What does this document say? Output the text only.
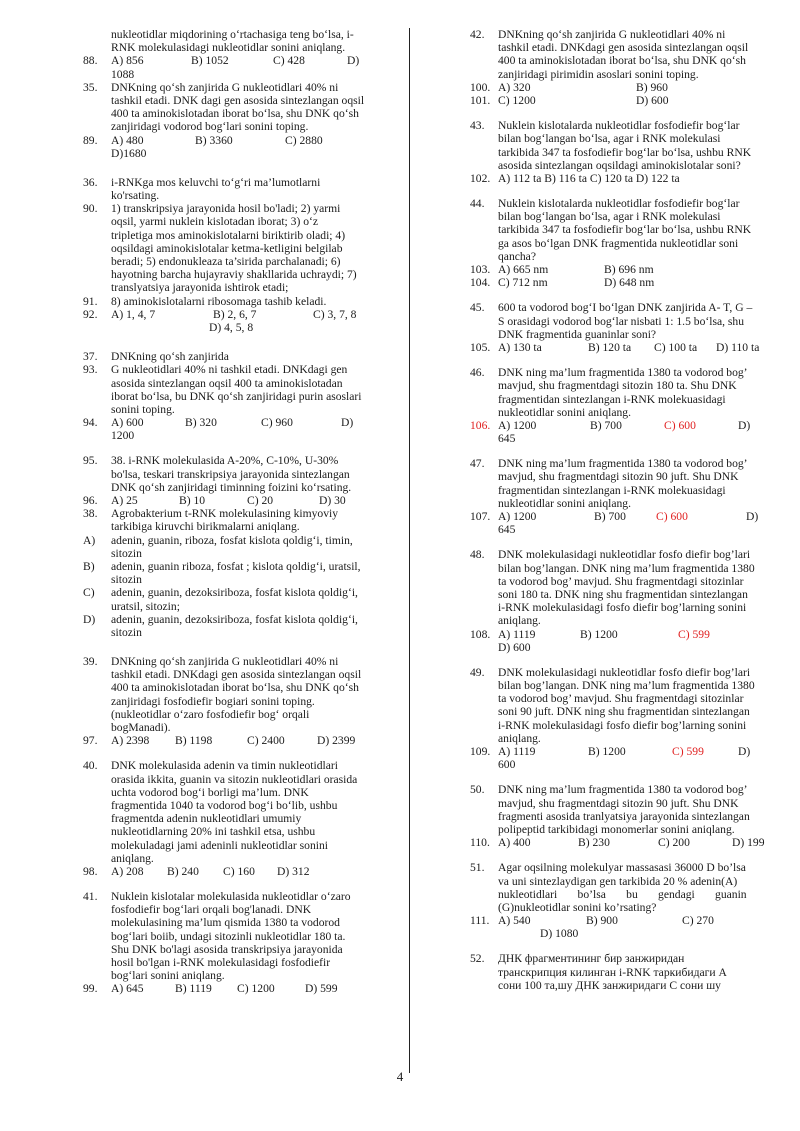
nukleotidlar miqdorining o‘rtachasiga teng bo‘lsa, i-
RNK molekulasidagi nukleotidlar sonini aniqlang.
88. A) 856	B) 1052	C) 428	D)
1088
35. DNKning qo‘sh zanjirida G nukleotidlari 40% ni
tashkil etadi. DNK dagi gen asosida sintezlangan oqsil
400 ta aminokislotadan iborat bo‘lsa, shu DNK qo‘sh
zanjiridagi vodorod bog‘lari sonini toping.
89. A) 480	B) 3360	C) 2880
D)1680
36. i-RNKga mos keluvchi to‘g‘ri ma’lumotlarni
ko'rsating.
90. 1) transkripsiya jarayonida hosil bo'ladi; 2) yarmi
oqsil, yarmi nuklein kislotadan iborat; 3) o‘z
tripletiga mos aminokislotalarni biriktirib oladi; 4)
oqsildagi aminokislotalar ketma-ketligini belgilab
beradi; 5) endonukleaza ta’sirida parchalanadi; 6)
hayotning barcha hujayraviy shakllarida uchraydi; 7)
translyatsiya jarayonida ishtirok etadi;
91. 8) aminokislotalarni ribosomaga tashib keladi.
92. A) 1, 4, 7	B) 2, 6, 7	C) 3, 7, 8
D) 4, 5, 8
37. DNKning qo‘sh zanjirida
93. G nukleotidlari 40% ni tashkil etadi. DNKdagi gen
asosida sintezlangan oqsil 400 ta aminokislotadan
iborat bo‘lsa, bu DNK qo‘sh zanjiridagi purin asoslari
sonini toping.
94. A) 600	B) 320	C) 960	D)
1200
95. 38. i-RNK molekulasida A-20%, C-10%, U-30%
bo'lsa, teskari transkripsiya jarayonida sintezlangan
DNK qo‘sh zanjiridagi timinning foizini ko‘rsating.
96. A) 25	B) 10	C) 20	D) 30
38. Agrobakterium t-RNK molekulasining kimyoviy
tarkibiga kiruvchi birikmalarni aniqlang.
A) adenin, guanin, riboza, fosfat kislota qoldig‘i, timin,
sitozin
B) adenin, guanin riboza, fosfat ; kislota qoldig‘i, uratsil,
sitozin
C) adenin, guanin, dezoksiriboza, fosfat kislota qoldig‘i,
uratsil, sitozin;
D) adenin, guanin, dezoksiriboza, fosfat kislota qoldig‘i,
sitozin
39. DNKning qo‘sh zanjirida G nukleotidlari 40% ni
tashkil etadi. DNKdagi gen asosida sintezlangan oqsil
400 ta aminokislotadan iborat bo‘lsa, shu DNK qo‘sh
zanjiridagi fosfodiefir bogiari sonini toping.
(nukleotidlar o‘zaro fosfodiefir bog‘ orqali
bogManadi).
97. A) 2398 B) 1198	C) 2400	D) 2399
40. DNK molekulasida adenin va timin nukleotidlari
orasida ikkita, guanin va sitozin nukleotidlari orasida
uchta vodorod bog‘i borligi ma’lum. DNK
fragmentida 1040 ta vodorod bog‘i bo‘lib, ushbu
fragmentda adenin nukleotidlari umumiy
nukleotidlarning 20% ini tashkil etsa, ushbu
molekuladagi jami adeninli nukleotidlar sonini
aniqlang.
98. A) 208 B) 240 C) 160 D) 312
41. Nuklein kislotalar molekulasida nukleotidlar o‘zaro
fosfodiefir bog‘lari orqali bog'lanadi. DNK
molekulasining ma’lum qismida 1380 ta vodorod
bog‘lari boiib, undagi sitozinli nukleotidlar 180 ta.
Shu DNK bo'lagi asosida transkripsiya jarayonida
hosil bo'lgan i-RNK molekulasidagi fosfodiefir
bog‘lari sonini aniqlang.
99. A) 645	B) 1119 C) 1200	D) 599
42. DNKning qo‘sh zanjirida G nukleotidlari 40% ni
tashkil etadi. DNKdagi gen asosida sintezlangan oqsil
400 ta aminokislotadan iborat bo‘lsa, shu DNK qo‘sh
zanjiridagi pirimidin asoslari sonini toping.
100. A) 320	B) 960
101. C) 1200	D) 600
43. Nuklein kislotalarda nukleotidlar fosfodiefir bog‘lar
bilan bog‘langan bo‘lsa, agar i RNK molekulasi
tarkibida 347 ta fosfodiefir bog‘lar bo‘lsa, ushbu RNK
asosida sintezlangan oqsildagi aminokislotalar soni?
102. A) 112 ta B) 116 ta C) 120 ta D) 122 ta
44. Nuklein kislotalarda nukleotidlar fosfodiefir bog‘lar
bilan bog‘langan bo‘lsa, agar i RNK molekulasi
tarkibida 347 ta fosfodiefir bog‘lar bo‘lsa, ushbu RNK
ga asos bo‘lgan DNK fragmentida nukleotidlar soni
qancha?
103. A) 665 nm	B) 696 nm
104. C) 712 nm	D) 648 nm
45. 600 ta vodorod bog‘I bo‘lgan DNK zanjirida A- T, G –
S orasidagi vodorod bog‘lar nisbati 1: 1.5 bo‘lsa, shu
DNK fragmentida guaninlar soni?
105. A) 130 ta	B) 120 ta C) 100 ta D) 110 ta
46. DNK ning ma’lum fragmentida 1380 ta vodorod bog’
mavjud, shu fragmentdagi sitozin 180 ta. Shu DNK
fragmentidan sintezlangan i-RNK molekuasidagi
nukleotidlar sonini aniqlang.
106. A) 1200	B) 700	C) 600	D)
645
47. DNK ning ma’lum fragmentida 1380 ta vodorod bog’
mavjud, shu fragmentdagi sitozin 90 juft. Shu DNK
fragmentidan sintezlangan i-RNK molekuasidagi
nukleotidlar sonini aniqlang.
107. A) 1200	B) 700	C) 600	D)
645
48. DNK molekulasidagi nukleotidlar fosfo diefir bog’lari
bilan bog’langan. DNK ning ma’lum fragmentida 1380
ta vodorod bog’ mavjud. Shu fragmentdagi sitozinlar
soni 180 ta. DNK ning shu fragmentidan sintezlangan
i-RNK molekulasidagi fosfo diefir bog’larning sonini
aniqlang.
108. A) 1119	B) 1200	C) 599
D) 600
49. DNK molekulasidagi nukleotidlar fosfo diefir bog’lari
bilan bog’langan. DNK ning ma’lum fragmentida 1380
ta vodorod bog’ mavjud. Shu fragmentdagi sitozinlar
soni 90 juft. DNK ning shu fragmentidan sintezlangan
i-RNK molekulasidagi fosfo diefir bog’larning sonini
aniqlang.
109. A) 1119	B) 1200	C) 599	D)
600
50. DNK ning ma’lum fragmentida 1380 ta vodorod bog’
mavjud, shu fragmentdagi sitozin 90 juft. Shu DNK
fragmenti asosida tranlyatsiya jarayonida sintezlangan
polipeptid tarkibidagi monomerlar sonini aniqlang.
110. A) 400	B) 230	C) 200	D) 199
51. Agar oqsilning molekulyar massasasi 36000 D bo’lsa
va uni sintezlaydigan gen tarkibida 20 % adenin(A)
nukleotidlari       bo’lsa       bu       gendagi       guanin
(G)nukleotidlar sonini ko’rsating?
111. A) 540	B) 900	C) 270
D) 1080
52. ДНК фрагментининг бир занжиридан
транскрипция килинган i-RNK таркибидаги А
сони 100 та,шу ДНК занжиридаги С сони шу
4
